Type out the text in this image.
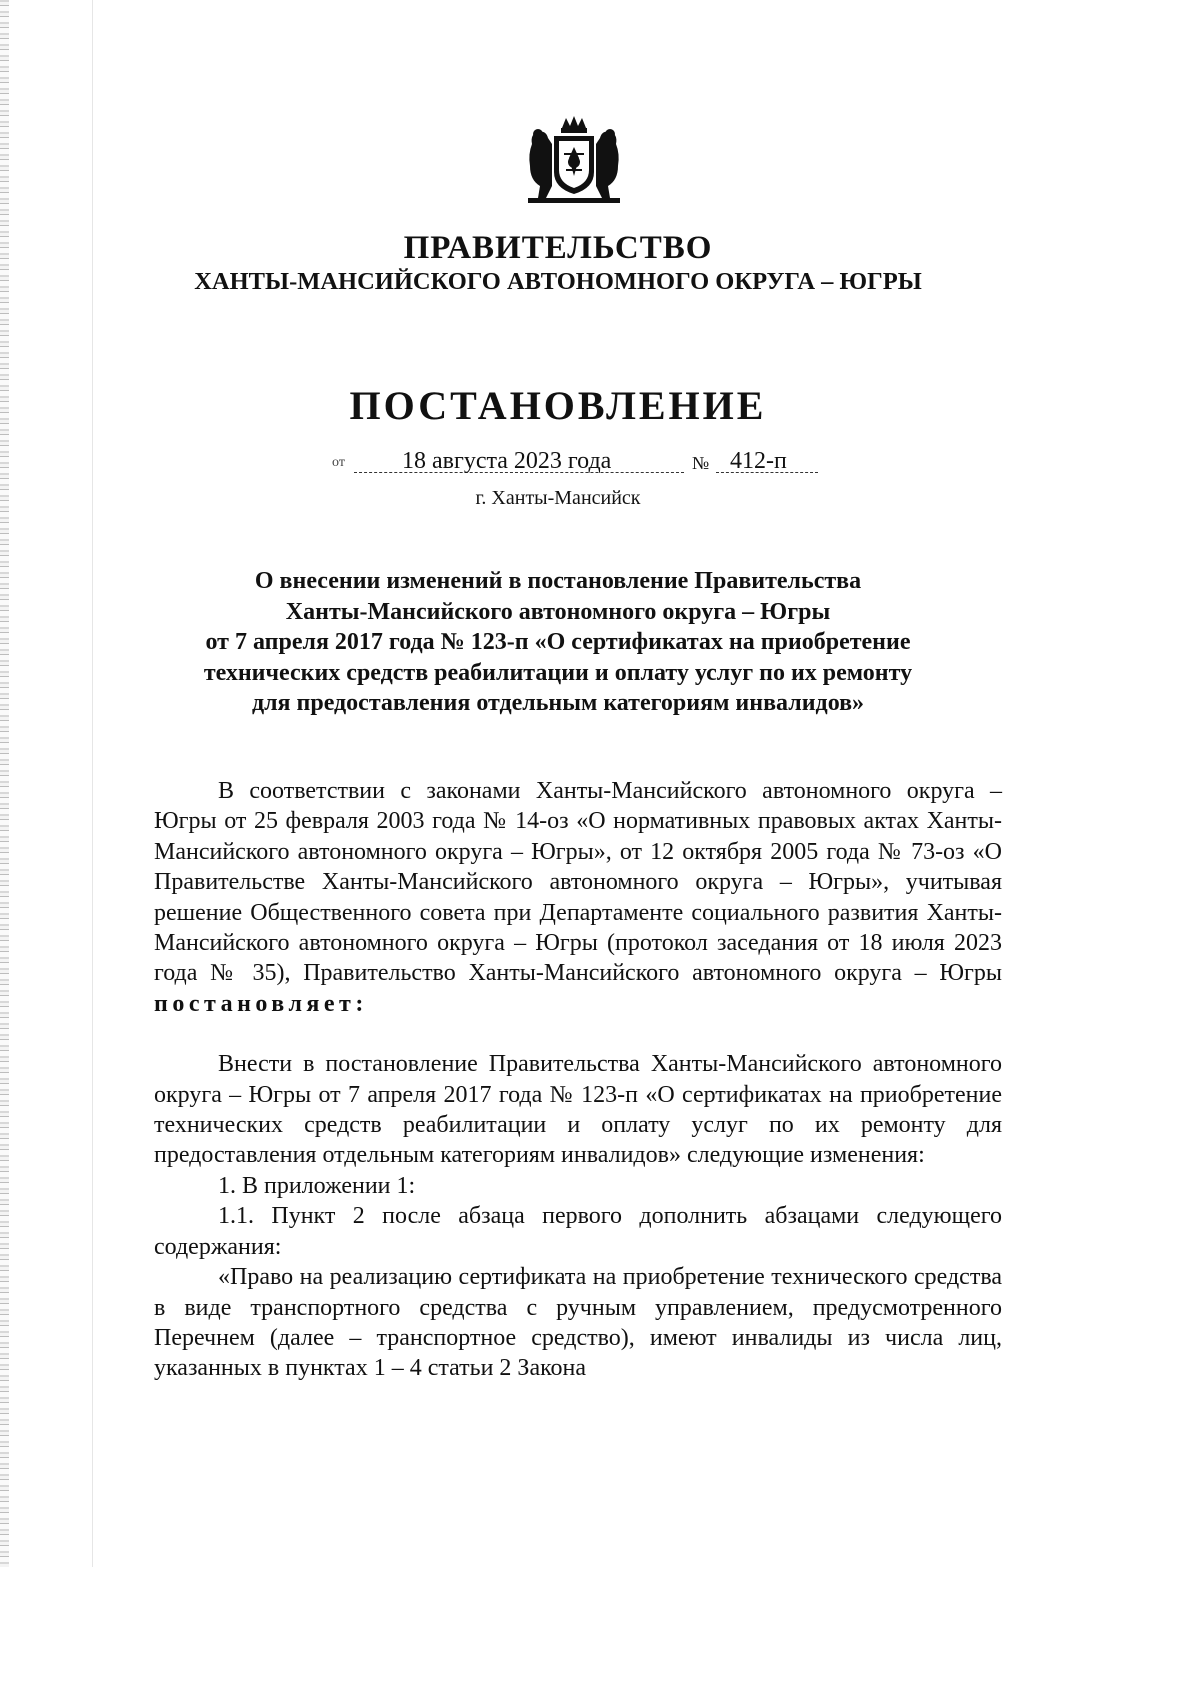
ПРАВИТЕЛЬСТВО
ХАНТЫ-МАНСИЙСКОГО АВТОНОМНОГО ОКРУГА – ЮГРЫ
ПОСТАНОВЛЕНИЕ
от 18 августа 2023 года	№ 412-п
г. Ханты-Мансийск
О внесении изменений в постановление Правительства
Ханты-Мансийского автономного округа – Югры
от 7 апреля 2017 года № 123-п «О сертификатах на приобретение
технических средств реабилитации и оплату услуг по их ремонту
для предоставления отдельным категориям инвалидов»

В соответствии с законами Ханты-Мансийского автономного округа – Югры от 25 февраля 2003 года № 14-оз «О нормативных правовых актах Ханты-Мансийского автономного округа – Югры», от 12 октября 2005 года № 73-оз «О Правительстве Ханты-Мансийского автономного округа – Югры», учитывая решение Общественного совета при Департаменте социального развития Ханты-Мансийского автономного округа – Югры (протокол заседания от 18 июля 2023 года № 35), Правительство Ханты-Мансийского автономного округа – Югры постановляет:

Внести в постановление Правительства Ханты-Мансийского автономного округа – Югры от 7 апреля 2017 года № 123-п «О сертификатах на приобретение технических средств реабилитации и оплату услуг по их ремонту для предоставления отдельным категориям инвалидов» следующие изменения:

1. В приложении 1:

1.1. Пункт 2 после абзаца первого дополнить абзацами следующего содержания:

«Право на реализацию сертификата на приобретение технического средства в виде транспортного средства с ручным управлением, предусмотренного Перечнем (далее – транспортное средство), имеют инвалиды из числа лиц, указанных в пунктах 1 – 4 статьи 2 Закона
